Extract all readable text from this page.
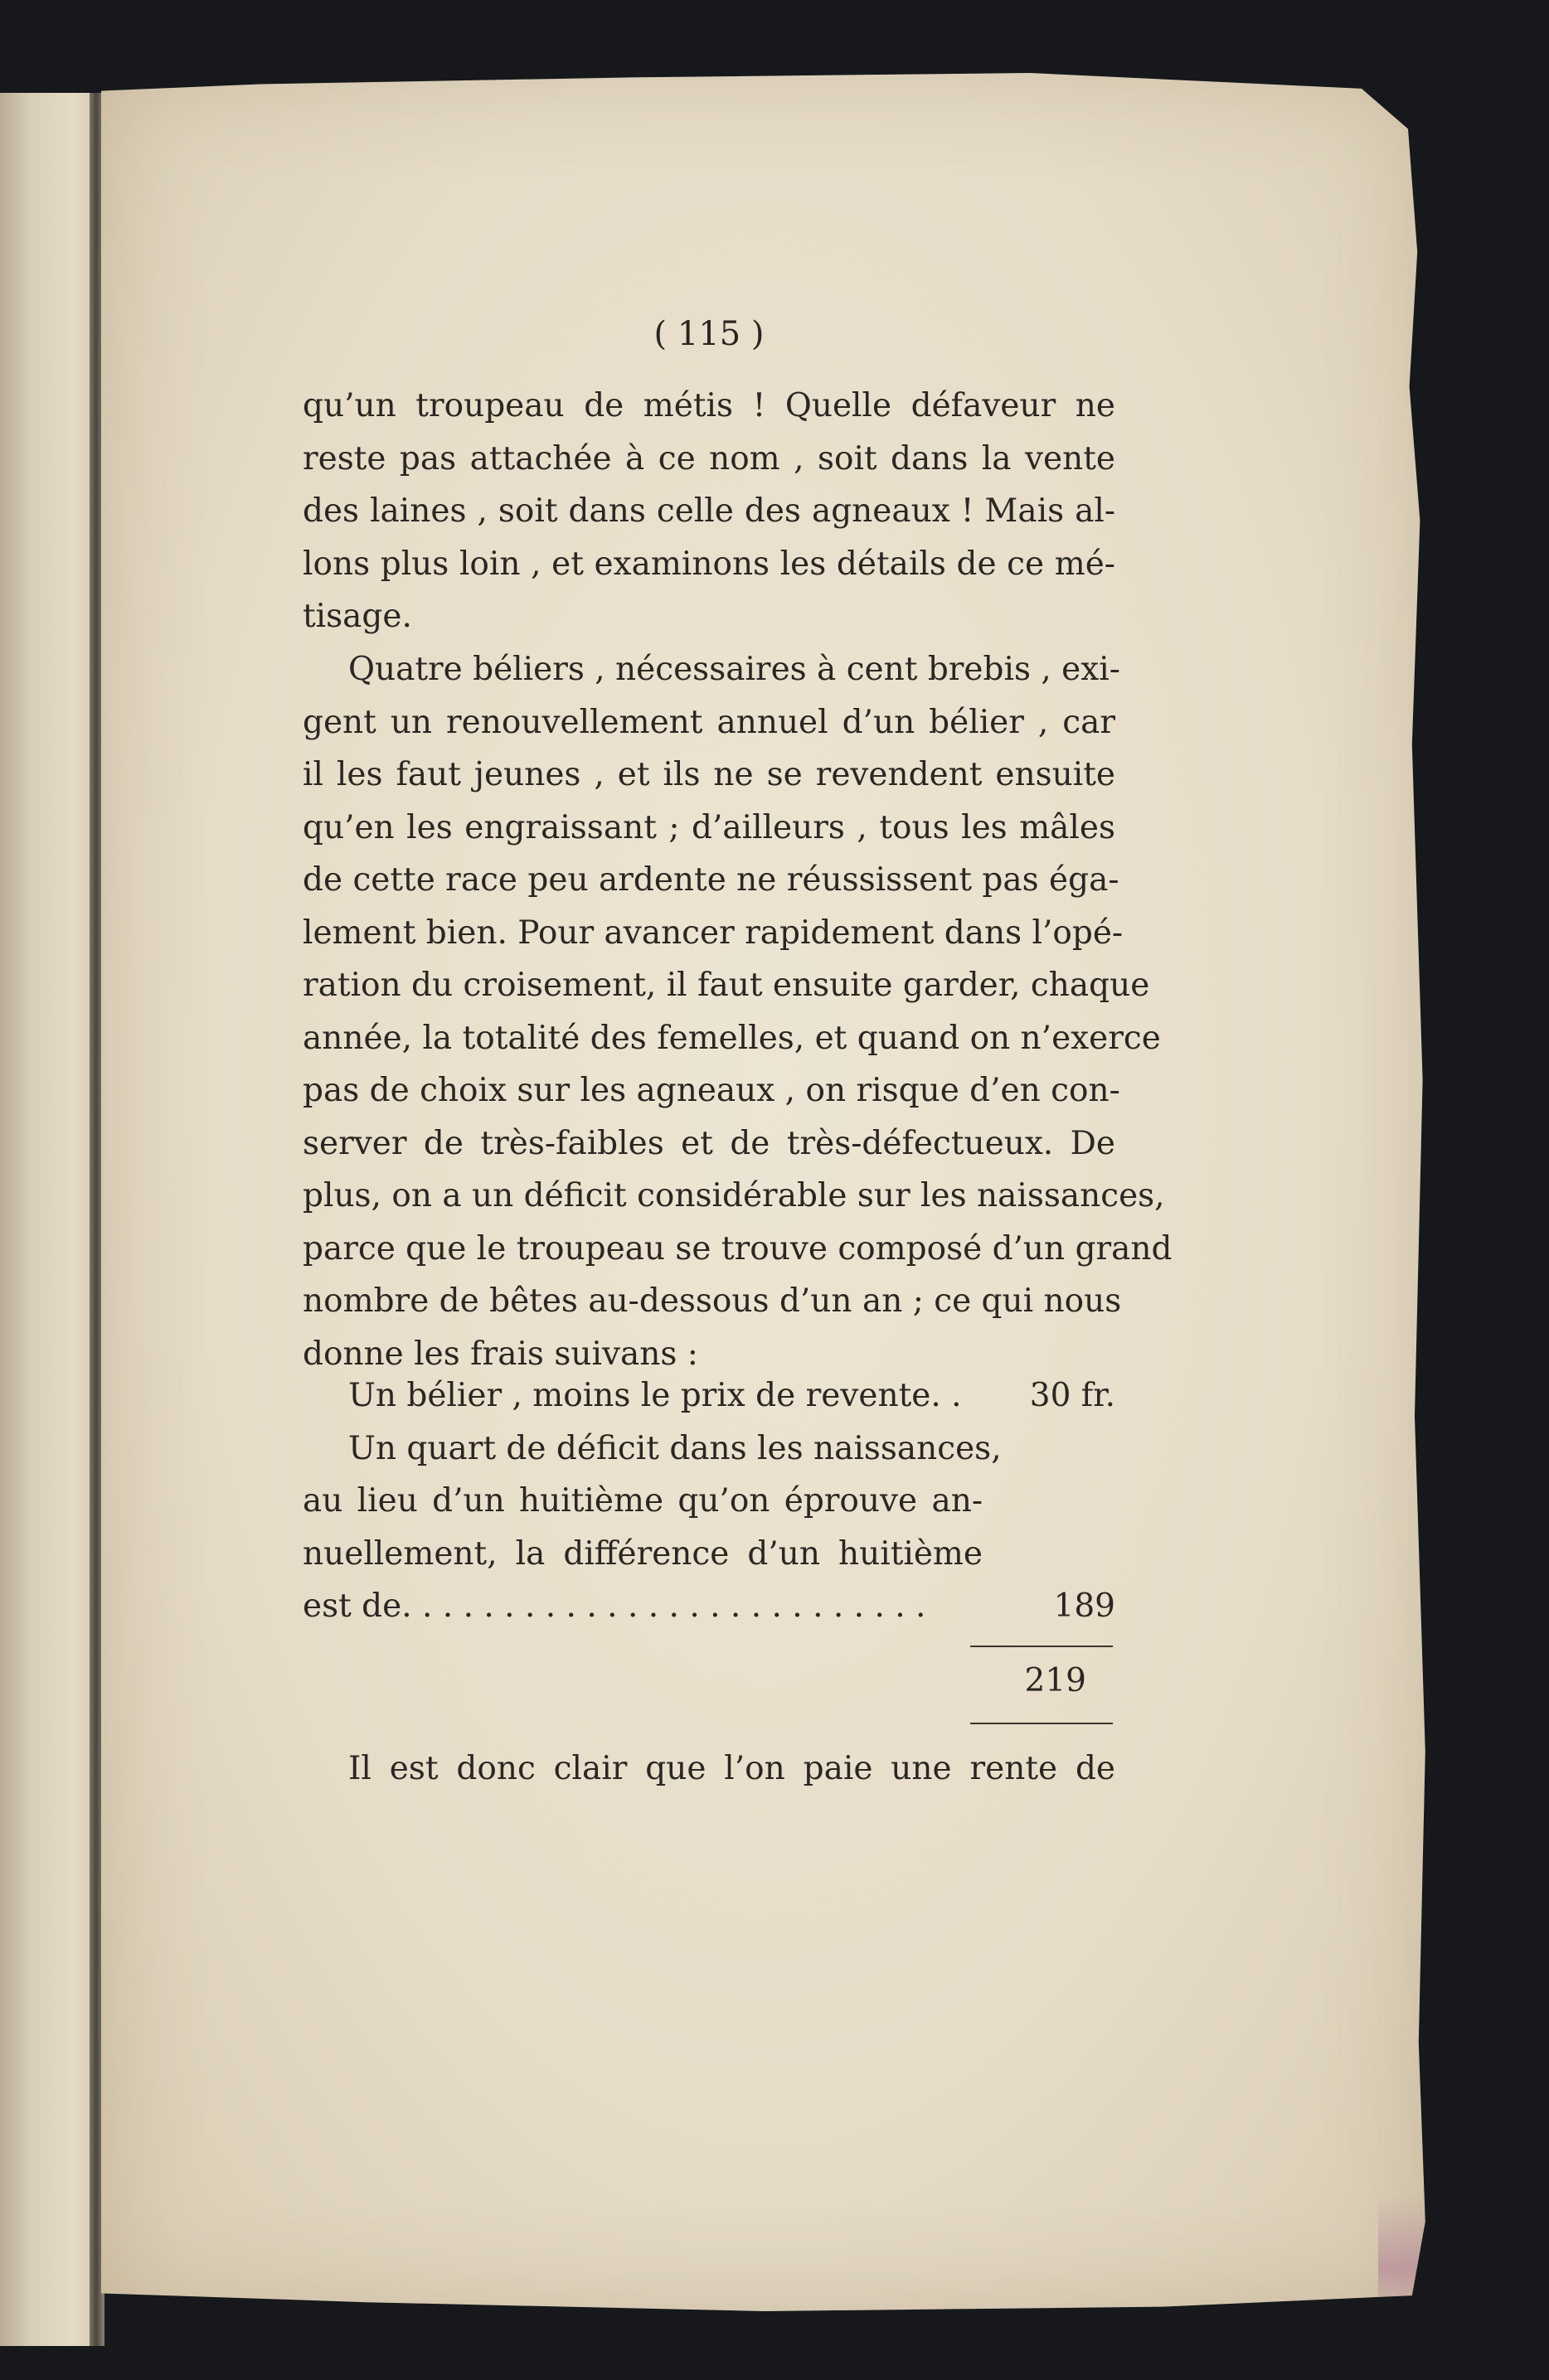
( 115 )
qu’un troupeau de métis ! Quelle défaveur ne
reste pas attachée à ce nom , soit dans la vente
des laines , soit dans celle des agneaux ! Mais al-
lons plus loin , et examinons les détails de ce mé-
tisage.
Quatre béliers , nécessaires à cent brebis , exi-
gent un renouvellement annuel d’un bélier , car
il les faut jeunes , et ils ne se revendent ensuite
qu’en les engraissant ; d’ailleurs , tous les mâles
de cette race peu ardente ne réussissent pas éga-
lement bien. Pour avancer rapidement dans l’opé-
ration du croisement, il faut ensuite garder, chaque
année, la totalité des femelles, et quand on n’exerce
pas de choix sur les agneaux , on risque d’en con-
server de très-faibles et de très-défectueux. De
plus, on a un déficit considérable sur les naissances,
parce que le troupeau se trouve composé d’un grand
nombre de bêtes au-dessous d’un an ; ce qui nous
donne les frais suivans :
Un bélier , moins le prix de revente. . 30 fr.
Un quart de déficit dans les naissances,
au lieu d’un huitième qu’on éprouve an-
nuellement, la différence d’un huitième
est de. . . . . . . . . . . . . . . . . . . . . . . . . .	189
219
Il est donc clair que l’on paie une rente de
